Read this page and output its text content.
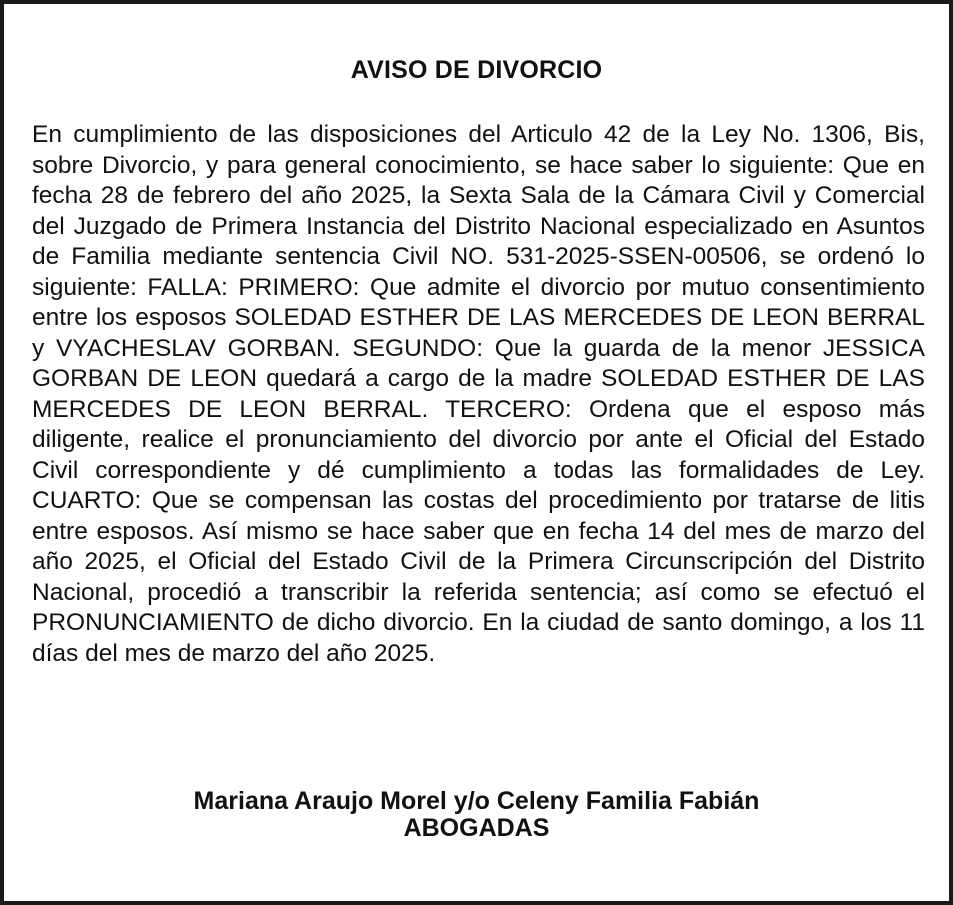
AVISO DE DIVORCIO

En cumplimiento de las disposiciones del Articulo 42 de la Ley No. 1306, Bis, sobre Divorcio, y para general conocimiento, se hace saber lo siguiente: Que en fecha 28 de febrero del año 2025, la Sexta Sala de la Cámara Civil y Comercial del Juzgado de Primera Instancia del Distrito Nacional especializado en Asuntos de Familia mediante sentencia Civil NO. 531-2025-SSEN-00506, se ordenó lo siguiente: FALLA: PRIMERO: Que admite el divorcio por mutuo consentimiento entre los esposos SOLEDAD ESTHER DE LAS MERCEDES DE LEON BERRAL y VYACHESLAV GORBAN. SEGUNDO: Que la guarda de la menor JESSICA GORBAN DE LEON quedará a cargo de la madre SOLEDAD ESTHER DE LAS MERCEDES DE LEON BERRAL. TERCERO: Ordena que el esposo más diligente, realice el pronunciamiento del divorcio por ante el Oficial del Estado Civil correspondiente y dé cumplimiento a todas las formalidades de Ley. CUARTO: Que se compensan las costas del procedimiento por tratarse de litis entre esposos. Así mismo se hace saber que en fecha 14 del mes de marzo del año 2025, el Oficial del Estado Civil de la Primera Circunscripción del Distrito Nacional, procedió a transcribir la referida sentencia; así como se efectuó el PRONUNCIAMIENTO de dicho divorcio. En la ciudad de santo domingo, a los 11 días del mes de marzo del año 2025.

Mariana Araujo Morel y/o Celeny Familia Fabián
ABOGADAS
